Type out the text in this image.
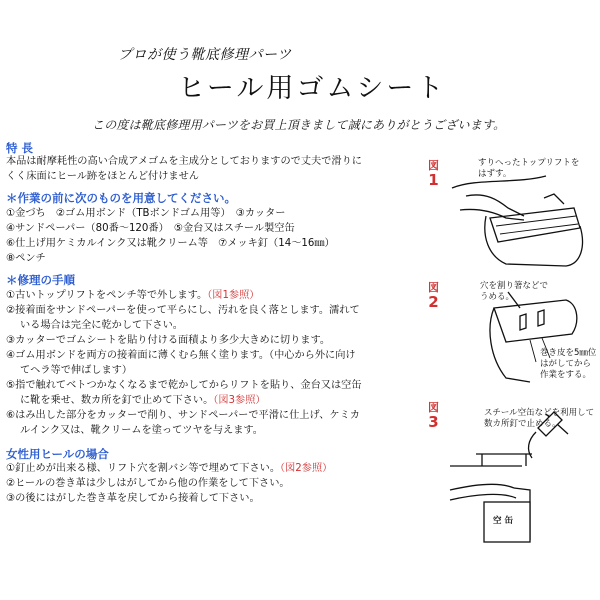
プロが使う靴底修理パーツ
ヒール用ゴムシート
この度は靴底修理用パーツをお買上頂きまして誠にありがとうございます。
特 長
本品は耐摩耗性の高い合成アメゴムを主成分としておりますので丈夫で滑りに
くく床面にヒール跡をほとんど付けません
＊作業の前に次のものを用意してください。
①金づち　②ゴム用ボンド（TBボンドゴム用等）　③カッター
④サンドペーパー（80番〜120番）　⑤金台又はスチール製空缶
⑥仕上げ用ケミカルインク又は靴クリーム等　⑦メッキ釘（14〜16㎜）
⑧ペンチ
＊修理の手順
①古いトップリフトをペンチ等で外します。（図1参照）
②接着面をサンドペーパーを使って平らにし、汚れを良く落とします。濡れて
いる場合は完全に乾かして下さい。
③カッターでゴムシートを貼り付ける面積より多少大きめに切ります。
④ゴム用ボンドを両方の接着面に薄くむら無く塗ります。（中心から外に向け
てヘラ等で伸ばします）
⑤指で触れてベトつかなくなるまで乾かしてからリフトを貼り、金台又は空缶
に靴を乗せ、数カ所を釘で止めて下さい。（図3参照）
⑥はみ出した部分をカッターで削り、サンドペーパーで平滑に仕上げ、ケミカ
ルインク又は、靴クリームを塗ってツヤを与えます。
女性用ヒールの場合
①釘止めが出来る様、リフト穴を割バシ等で埋めて下さい。（図2参照）
②ヒールの巻き革は少しはがしてから他の作業をして下さい。
③の後にはがした巻き革を戻してから接着して下さい。
図
1
図
2
図
3
すりへったトップリフトを
はずす。
穴を割り箸などで
うめる。
巻き皮を5㎜位
はがしてから
作業をする。
スチール空缶などを利用して
数カ所釘で止める。
空 缶
